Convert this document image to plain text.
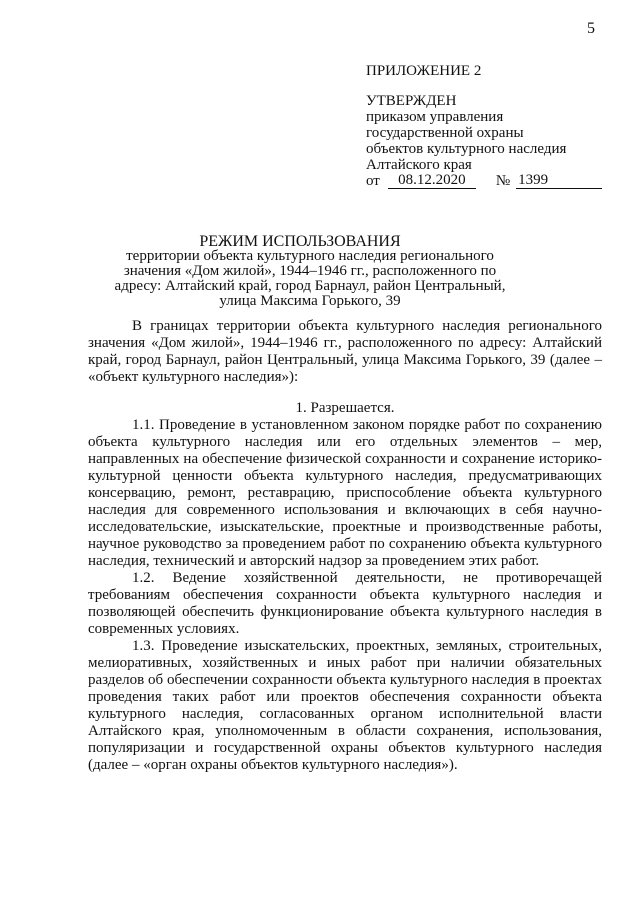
5
ПРИЛОЖЕНИЕ 2
УТВЕРЖДЕН
приказом управления
государственной охраны
объектов культурного наследия
Алтайского края
от	08.12.2020	№ 1399
РЕЖИМ ИСПОЛЬЗОВАНИЯ
территории объекта культурного наследия регионального
значения «Дом жилой», 1944–1946 гг., расположенного по
адресу: Алтайский край, город Барнаул, район Центральный,
улица Максима Горького, 39

В границах территории объекта культурного наследия регионального значения «Дом жилой», 1944–1946 гг., расположенного по адресу: Алтайский край, город Барнаул, район Центральный, улица Максима Горького, 39 (далее – «объект культурного наследия»):

1. Разрешается.

1.1. Проведение в установленном законом порядке работ по сохранению объекта культурного наследия или его отдельных элементов – мер, направленных на обеспечение физической сохранности и сохранение историко-культурной ценности объекта культурного наследия, предусматривающих консервацию, ремонт, реставрацию, приспособление объекта культурного наследия для современного использования и включающих в себя научно-исследовательские, изыскательские, проектные и производственные работы, научное руководство за проведением работ по сохранению объекта культурного наследия, технический и авторский надзор за проведением этих работ.

1.2. Ведение хозяйственной деятельности, не противоречащей требованиям обеспечения сохранности объекта культурного наследия и позволяющей обеспечить функционирование объекта культурного наследия в современных условиях.

1.3. Проведение изыскательских, проектных, земляных, строительных, мелиоративных, хозяйственных и иных работ при наличии обязательных разделов об обеспечении сохранности объекта культурного наследия в проектах проведения таких работ или проектов обеспечения сохранности объекта культурного наследия, согласованных органом исполнительной власти Алтайского края, уполномоченным в области сохранения, использования, популяризации и государственной охраны объектов культурного наследия (далее – «орган охраны объектов культурного наследия»).
